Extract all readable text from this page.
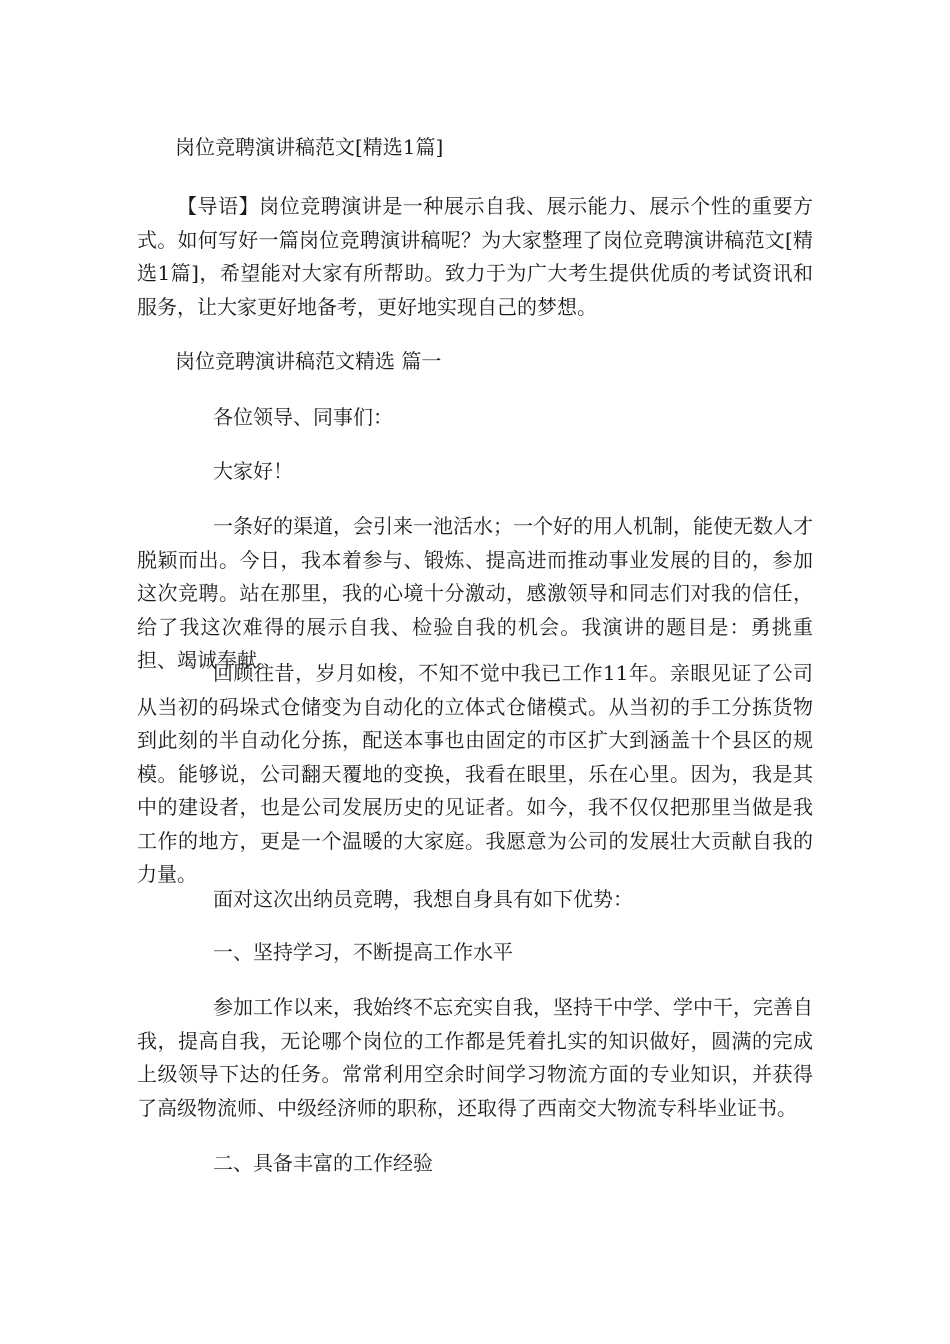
岗位竞聘演讲稿范文[精选1篇]

【导语】岗位竞聘演讲是一种展示自我、展示能力、展示个性的重要方式。如何写好一篇岗位竞聘演讲稿呢？为大家整理了岗位竞聘演讲稿范文[精选1篇]，希望能对大家有所帮助。致力于为广大考生提供优质的考试资讯和服务，让大家更好地备考，更好地实现自己的梦想。

岗位竞聘演讲稿范文精选 篇一

各位领导、同事们：

大家好！

一条好的渠道，会引来一池活水；一个好的用人机制，能使无数人才脱颖而出。今日，我本着参与、锻炼、提高进而推动事业发展的目的，参加这次竞聘。站在那里，我的心境十分激动，感激领导和同志们对我的信任，给了我这次难得的展示自我、检验自我的机会。我演讲的题目是：勇挑重担、竭诚奉献。

回顾往昔，岁月如梭，不知不觉中我已工作11年。亲眼见证了公司从当初的码垛式仓储变为自动化的立体式仓储模式。从当初的手工分拣货物到此刻的半自动化分拣，配送本事也由固定的市区扩大到涵盖十个县区的规模。能够说，公司翻天覆地的变换，我看在眼里，乐在心里。因为，我是其中的建设者，也是公司发展历史的见证者。如今，我不仅仅把那里当做是我工作的地方，更是一个温暖的大家庭。我愿意为公司的发展壮大贡献自我的力量。

面对这次出纳员竞聘，我想自身具有如下优势：

一、坚持学习，不断提高工作水平

参加工作以来，我始终不忘充实自我，坚持干中学、学中干，完善自我，提高自我，无论哪个岗位的工作都是凭着扎实的知识做好，圆满的完成上级领导下达的任务。常常利用空余时间学习物流方面的专业知识，并获得了高级物流师、中级经济师的职称，还取得了西南交大物流专科毕业证书。

二、具备丰富的工作经验
